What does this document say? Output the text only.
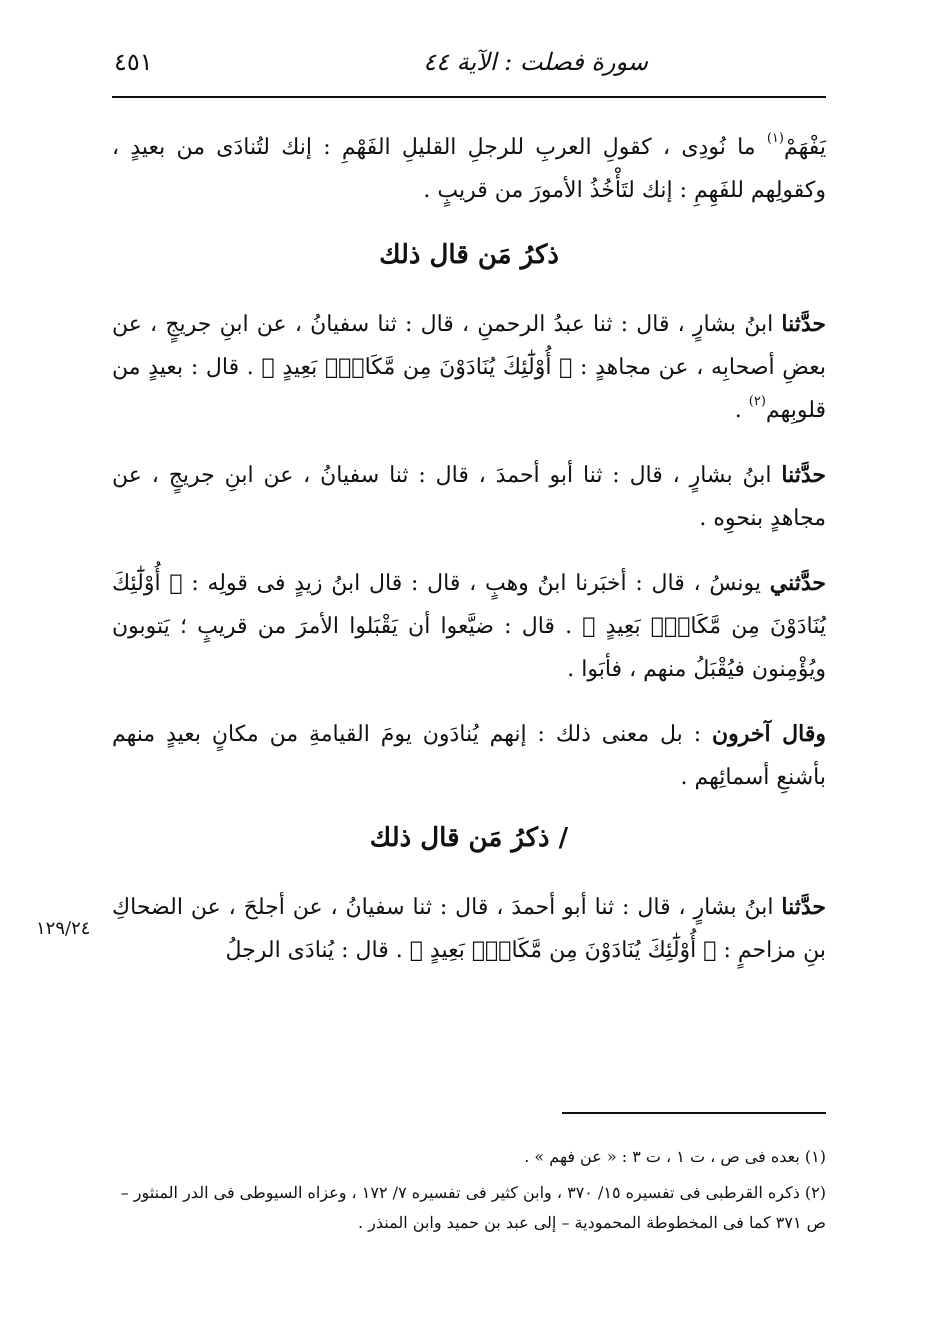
سورة فصلت : الآية ٤٤
٤٥١
١٢٩/٢٤

يَفْهَمْ$^{(١)}$ ما نُودِى ، كقولِ العربِ للرجلِ القليلِ الفَهْمِ : إنك لتُنادَى من بعيدٍ ، وكقولِهم للفَهِمِ : إنك لتَأْخُذُ الأمورَ من قريبٍ .

ذكرُ مَن قال ذلك

حدَّثنا ابنُ بشارٍ ، قال : ثنا عبدُ الرحمنِ ، قال : ثنا سفيانُ ، عن ابنِ جريجٍ ، عن بعضِ أصحابِه ، عن مجاهدٍ : ﴿ أُوْلَٰٓئِكَ يُنَادَوْنَ مِن مَّكَانِۭ بَعِيدٍ ﴾ . قال : بعيدٍ من قلوبِهم$^{(٢)}$ .

حدَّثنا ابنُ بشارٍ ، قال : ثنا أبو أحمدَ ، قال : ثنا سفيانُ ، عن ابنِ جريجٍ ، عن مجاهدٍ بنحوِه .

حدَّثني يونسُ ، قال : أخبَرنا ابنُ وهبٍ ، قال : قال ابنُ زيدٍ فى قولِه : ﴿ أُوْلَٰٓئِكَ يُنَادَوْنَ مِن مَّكَانِۭ بَعِيدٍ ﴾ . قال : ضيَّعوا أن يَقْبَلوا الأمرَ من قريبٍ ؛ يَتوبون ويُؤْمِنون فيُقْبَلُ منهم ، فأبَوا .

وقال آخرون : بل معنى ذلك : إنهم يُنادَون يومَ القيامةِ من مكانٍ بعيدٍ منهم بأشنعِ أسمائِهم .

/ ذكرُ مَن قال ذلك

حدَّثنا ابنُ بشارٍ ، قال : ثنا أبو أحمدَ ، قال : ثنا سفيانُ ، عن أجلحَ ، عن الضحاكِ بنِ مزاحمٍ : ﴿ أُوْلَٰٓئِكَ يُنَادَوْنَ مِن مَّكَانِۭ بَعِيدٍ ﴾ . قال : يُنادَى الرجلُ

(١) بعده فى ص ، ت ١ ، ت ٣ : « عن فهم » .

(٢) ذكره القرطبى فى تفسيره ١٥/ ٣٧٠ ، وابن كثير فى تفسيره ٧/ ١٧٢ ، وعزاه السيوطى فى الدر المنثور – ص ٣٧١ كما فى المخطوطة المحمودية – إلى عبد بن حميد وابن المنذر .
